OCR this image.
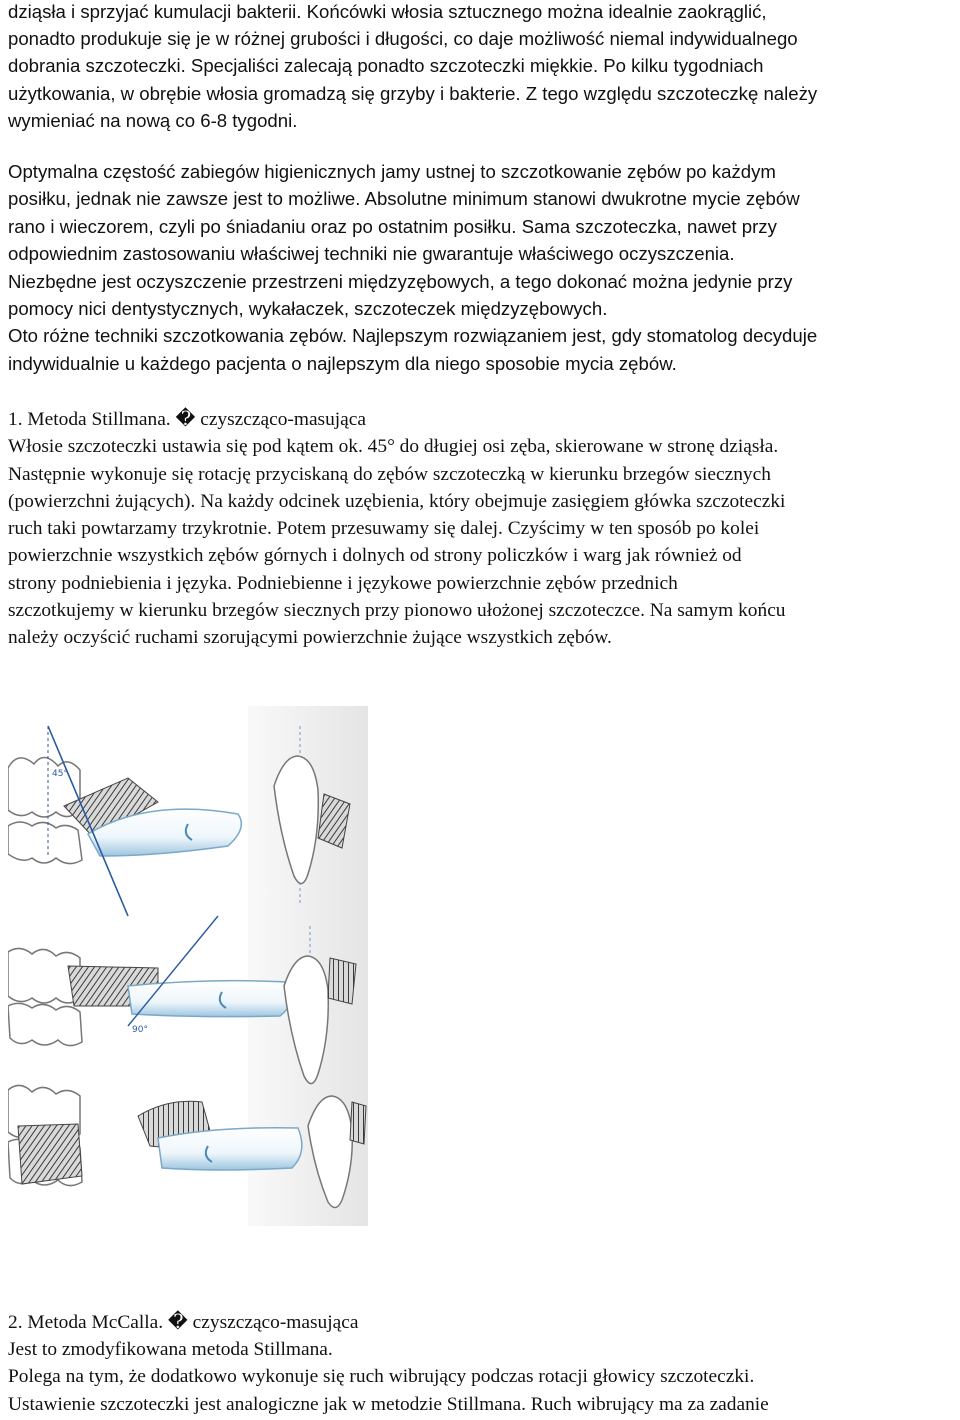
dziąsła i sprzyjać kumulacji bakterii. Końcówki włosia sztucznego można idealnie zaokrąglić,
ponadto produkuje się je w różnej grubości i długości, co daje możliwość niemal indywidualnego
dobrania szczoteczki. Specjaliści zalecają ponadto szczoteczki miękkie. Po kilku tygodniach
użytkowania, w obrębie włosia gromadzą się grzyby i bakterie. Z tego względu szczoteczkę należy
wymieniać na nową co 6-8 tygodni.
Optymalna częstość zabiegów higienicznych jamy ustnej to szczotkowanie zębów po każdym
posiłku, jednak nie zawsze jest to możliwe. Absolutne minimum stanowi dwukrotne mycie zębów
rano i wieczorem, czyli po śniadaniu oraz po ostatnim posiłku. Sama szczoteczka, nawet przy
odpowiednim zastosowaniu właściwej techniki nie gwarantuje właściwego oczyszczenia.
Niezbędne jest oczyszczenie przestrzeni międzyzębowych, a tego dokonać można jedynie przy
pomocy nici dentystycznych, wykałaczek, szczoteczek międzyzębowych.
Oto różne techniki szczotkowania zębów. Najlepszym rozwiązaniem jest, gdy stomatolog decyduje
indywidualnie u każdego pacjenta o najlepszym dla niego sposobie mycia zębów.
1. Metoda Stillmana. � czyszcząco-masująca
Włosie szczoteczki ustawia się pod kątem ok. 45° do długiej osi zęba, skierowane w stronę dziąsła.
Następnie wykonuje się rotację przyciskaną do zębów szczoteczką w kierunku brzegów siecznych
(powierzchni żujących). Na każdy odcinek uzębienia, który obejmuje zasięgiem główka szczoteczki
ruch taki powtarzamy trzykrotnie. Potem przesuwamy się dalej. Czyścimy w ten sposób po kolei
powierzchnie wszystkich zębów górnych i dolnych od strony policzków i warg jak również od
strony podniebienia i języka. Podniebienne i językowe powierzchnie zębów przednich
szczotkujemy w kierunku brzegów siecznych przy pionowo ułożonej szczoteczce. Na samym końcu
należy oczyścić ruchami szorującymi powierzchnie żujące wszystkich zębów.
45°
90°
2. Metoda McCalla. � czyszcząco-masująca
Jest to zmodyfikowana metoda Stillmana.
Polega na tym, że dodatkowo wykonuje się ruch wibrujący podczas rotacji głowicy szczoteczki.
Ustawienie szczoteczki jest analogiczne jak w metodzie Stillmana. Ruch wibrujący ma za zadanie
